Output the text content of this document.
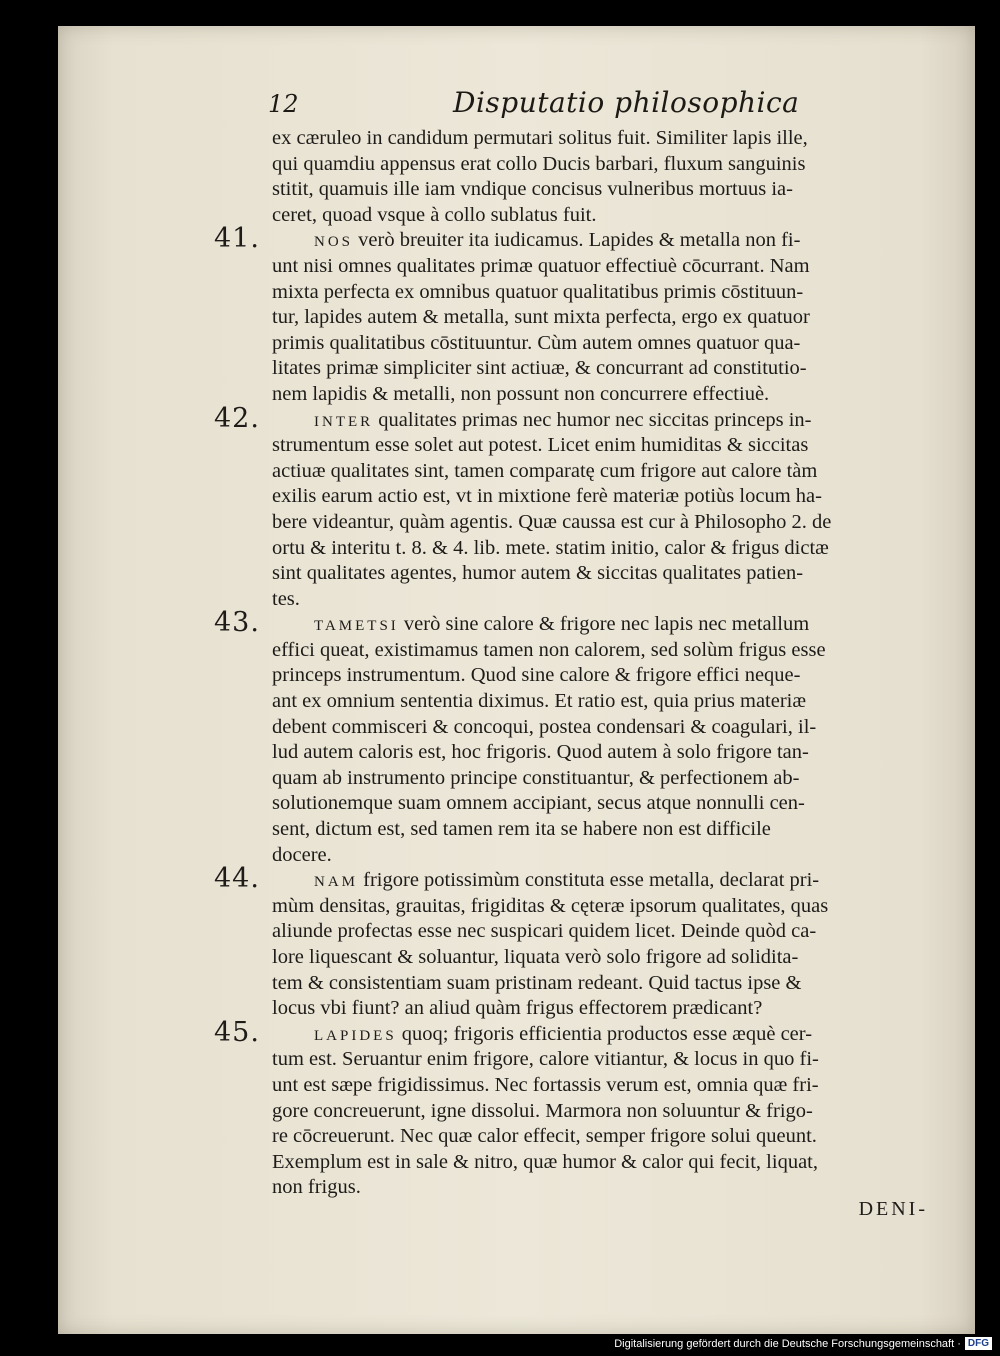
12	Disputatio philosophica
ex cæruleo in candidum permutari solitus fuit. Similiter lapis ille,
qui quamdiu appensus erat collo Ducis barbari, fluxum sanguinis
stitit, quamuis ille iam vndique concisus vulneribus mortuus ia-
ceret, quoad vsque à collo sublatus fuit.
41.	NOS verò breuiter ita iudicamus. Lapides & metalla non fi-
unt nisi omnes qualitates primæ quatuor effectiuè cōcurrant. Nam
mixta perfecta ex omnibus quatuor qualitatibus primis cōstituun-
tur, lapides autem & metalla, sunt mixta perfecta, ergo ex quatuor
primis qualitatibus cōstituuntur. Cùm autem omnes quatuor qua-
litates primæ simpliciter sint actiuæ, & concurrant ad constitutio-
nem lapidis & metalli, non possunt non concurrere effectiuè.
42.	INTER qualitates primas nec humor nec siccitas princeps in-
strumentum esse solet aut potest. Licet enim humiditas & siccitas
actiuæ qualitates sint, tamen comparatę cum frigore aut calore tàm
exilis earum actio est, vt in mixtione ferè materiæ potiùs locum ha-
bere videantur, quàm agentis. Quæ caussa est cur à Philosopho 2. de
ortu & interitu t. 8. & 4. lib. mete. statim initio, calor & frigus dictæ
sint qualitates agentes, humor autem & siccitas qualitates patien-
tes.
43.	TAMETSI verò sine calore & frigore nec lapis nec metallum
effici queat, existimamus tamen non calorem, sed solùm frigus esse
princeps instrumentum. Quod sine calore & frigore effici neque-
ant ex omnium sententia diximus. Et ratio est, quia prius materiæ
debent commisceri & concoqui, postea condensari & coagulari, il-
lud autem caloris est, hoc frigoris. Quod autem à solo frigore tan-
quam ab instrumento principe constituantur, & perfectionem ab-
solutionemque suam omnem accipiant, secus atque nonnulli cen-
sent, dictum est, sed tamen rem ita se habere non est difficile
docere.
44.	NAM frigore potissimùm constituta esse metalla, declarat pri-
mùm densitas, grauitas, frigiditas & cęteræ ipsorum qualitates, quas
aliunde profectas esse nec suspicari quidem licet. Deinde quòd ca-
lore liquescant & soluantur, liquata verò solo frigore ad solidita-
tem & consistentiam suam pristinam redeant. Quid tactus ipse &
locus vbi fiunt? an aliud quàm frigus effectorem prædicant?
45.	LAPIDES quoq; frigoris efficientia productos esse æquè cer-
tum est. Seruantur enim frigore, calore vitiantur, & locus in quo fi-
unt est sæpe frigidissimus. Nec fortassis verum est, omnia quæ fri-
gore concreuerunt, igne dissolui. Marmora non soluuntur & frigo-
re cōcreuerunt. Nec quæ calor effecit, semper frigore solui queunt.
Exemplum est in sale & nitro, quæ humor & calor qui fecit, liquat,
non frigus.
DENI-
Digitalisierung gefördert durch die Deutsche Forschungsgemeinschaft · DFG
